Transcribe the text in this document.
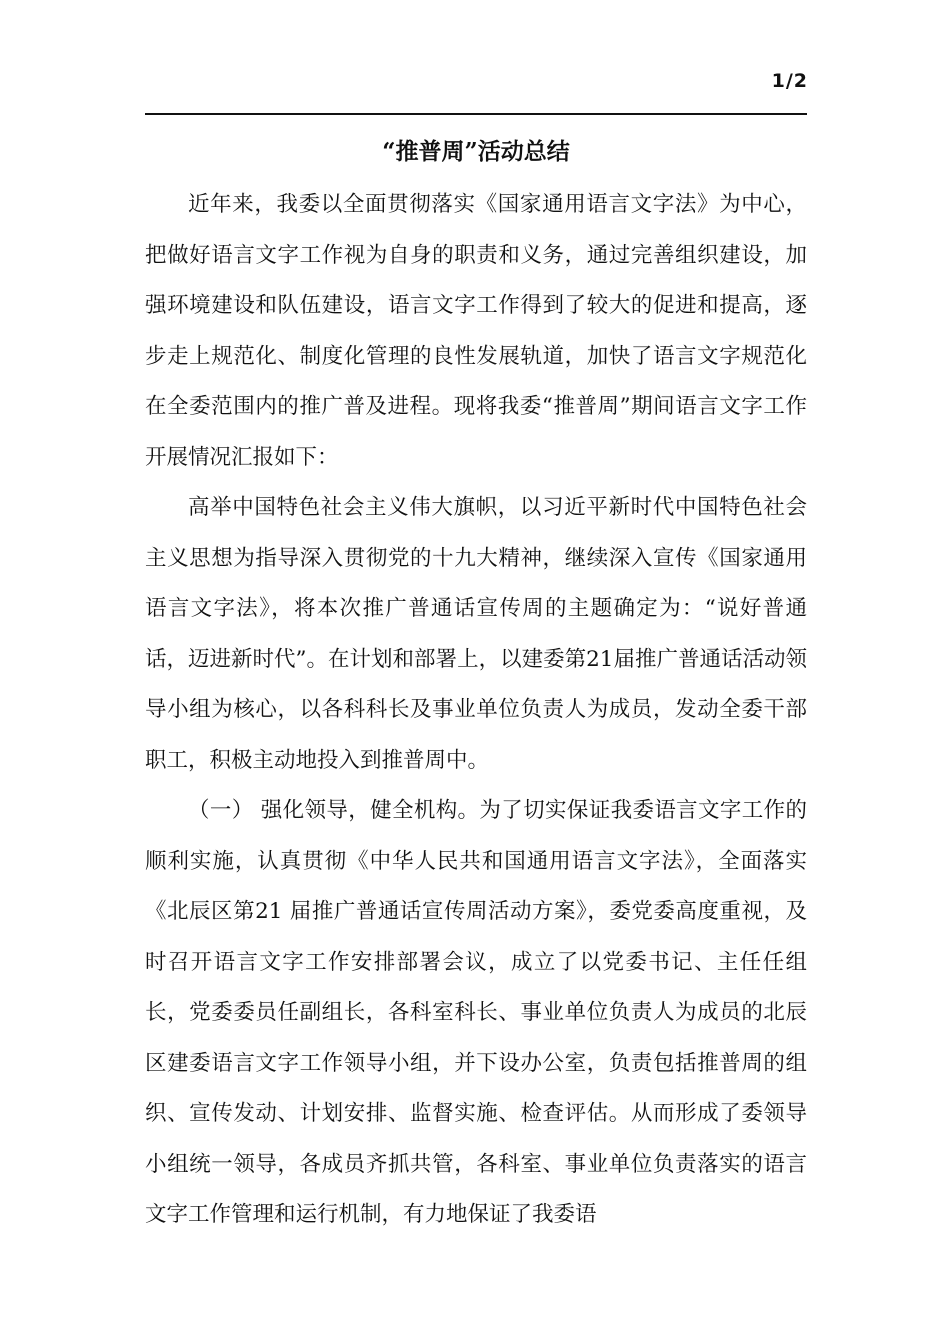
1/2
“推普周”活动总结

近年来，我委以全面贯彻落实《国家通用语言文字法》为中心，把做好语言文字工作视为自身的职责和义务，通过完善组织建设，加强环境建设和队伍建设，语言文字工作得到了较大的促进和提高，逐步走上规范化、制度化管理的良性发展轨道，加快了语言文字规范化在全委范围内的推广普及进程。现将我委“推普周”期间语言文字工作开展情况汇报如下：

高举中国特色社会主义伟大旗帜，以习近平新时代中国特色社会主义思想为指导深入贯彻党的十九大精神，继续深入宣传《国家通用语言文字法》，将本次推广普通话宣传周的主题确定为：“说好普通话，迈进新时代”。在计划和部署上，以建委第21届推广普通话活动领导小组为核心，以各科科长及事业单位负责人为成员，发动全委干部职工，积极主动地投入到推普周中。

（一） 强化领导，健全机构。为了切实保证我委语言文字工作的顺利实施，认真贯彻《中华人民共和国通用语言文字法》，全面落实《北辰区第21 届推广普通话宣传周活动方案》，委党委高度重视，及时召开语言文字工作安排部署会议，成立了以党委书记、主任任组长，党委委员任副组长，各科室科长、事业单位负责人为成员的北辰区建委语言文字工作领导小组，并下设办公室，负责包括推普周的组织、宣传发动、计划安排、监督实施、检查评估。从而形成了委领导小组统一领导，各成员齐抓共管，各科室、事业单位负责落实的语言文字工作管理和运行机制，有力地保证了我委语
